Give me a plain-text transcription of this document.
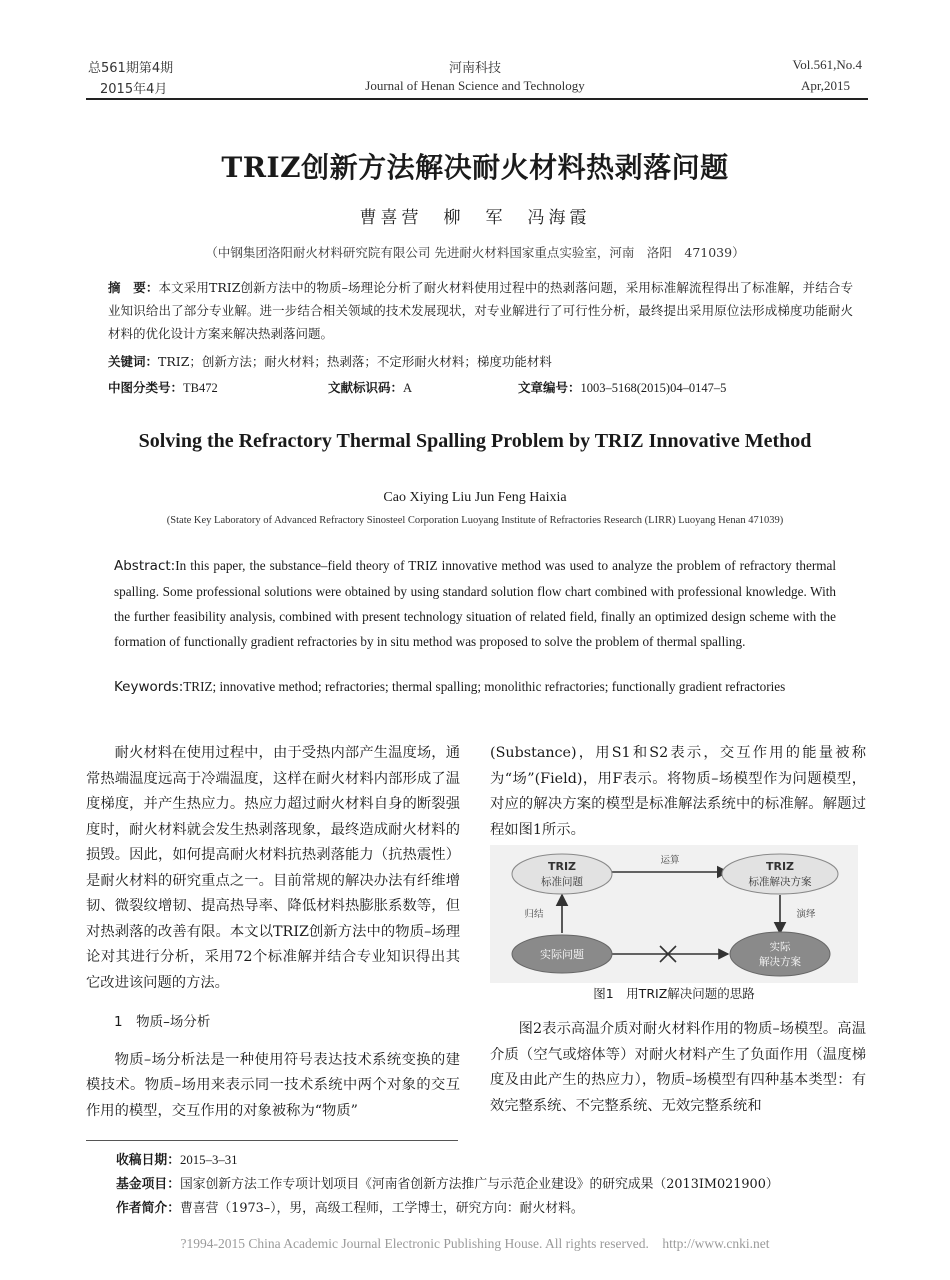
总561期第4期
2015年4月
河南科技
Journal of Henan Science and Technology
Vol.561,No.4
Apr,2015
TRIZ创新方法解决耐火材料热剥落问题
曹喜营　柳　军　冯海霞
（中钢集团洛阳耐火材料研究院有限公司 先进耐火材料国家重点实验室，河南　洛阳　471039）
摘　要：本文采用TRIZ创新方法中的物质–场理论分析了耐火材料使用过程中的热剥落问题，采用标准解流程得出了标准解，并结合专业知识给出了部分专业解。进一步结合相关领域的技术发展现状，对专业解进行了可行性分析，最终提出采用原位法形成梯度功能耐火材料的优化设计方案来解决热剥落问题。
关键词：TRIZ；创新方法；耐火材料；热剥落；不定形耐火材料；梯度功能材料
中图分类号：TB472	文献标识码：A	文章编号：1003–5168(2015)04–0147–5
Solving the Refractory Thermal Spalling Problem by TRIZ Innovative Method
Cao Xiying Liu Jun Feng Haixia
(State Key Laboratory of Advanced Refractory Sinosteel Corporation Luoyang Institute of Refractories Research (LIRR) Luoyang Henan 471039)
Abstract:In this paper, the substance–field theory of TRIZ innovative method was used to analyze the problem of refractory thermal spalling. Some professional solutions were obtained by using standard solution flow chart combined with professional knowledge. With the further feasibility analysis, combined with present technology situation of related field, finally an optimized design scheme with the formation of functionally gradient refractories by in situ method was proposed to solve the problem of thermal spalling.
Keywords:TRIZ; innovative method; refractories; thermal spalling; monolithic refractories; functionally gradient refractories

耐火材料在使用过程中，由于受热内部产生温度场，通常热端温度远高于冷端温度，这样在耐火材料内部形成了温度梯度，并产生热应力。热应力超过耐火材料自身的断裂强度时，耐火材料就会发生热剥落现象，最终造成耐火材料的损毁。因此，如何提高耐火材料抗热剥落能力（抗热震性）是耐火材料的研究重点之一。目前常规的解决办法有纤维增韧、微裂纹增韧、提高热导率、降低材料热膨胀系数等，但对热剥落的改善有限。本文以TRIZ创新方法中的物质–场理论对其进行分析，采用72个标准解并结合专业知识得出其它改进该问题的方法。

1　物质–场分析

物质–场分析法是一种使用符号表达技术系统变换的建模技术。物质–场用来表示同一技术系统中两个对象的交互作用的模型，交互作用的对象被称为“物质”

(Substance)，用S1和S2表示，交互作用的能量被称为“场”(Field)，用F表示。将物质–场模型作为问题模型，对应的解决方案的模型是标准解法系统中的标准解。解题过程如图1所示。

TRIZ
标准问题
TRIZ
标准解决方案
实际问题
实际
解决方案
运算
归结	演绎
图1　用TRIZ解决问题的思路

图2表示高温介质对耐火材料作用的物质–场模型。高温介质（空气或熔体等）对耐火材料产生了负面作用（温度梯度及由此产生的热应力），物质–场模型有四种基本类型：有效完整系统、不完整系统、无效完整系统和

收稿日期：2015–3–31
基金项目：国家创新方法工作专项计划项目《河南省创新方法推广与示范企业建设》的研究成果（2013IM021900）
作者简介：曹喜营（1973–），男，高级工程师，工学博士，研究方向：耐火材料。
?1994-2015 China Academic Journal Electronic Publishing House. All rights reserved.    http://www.cnki.net
